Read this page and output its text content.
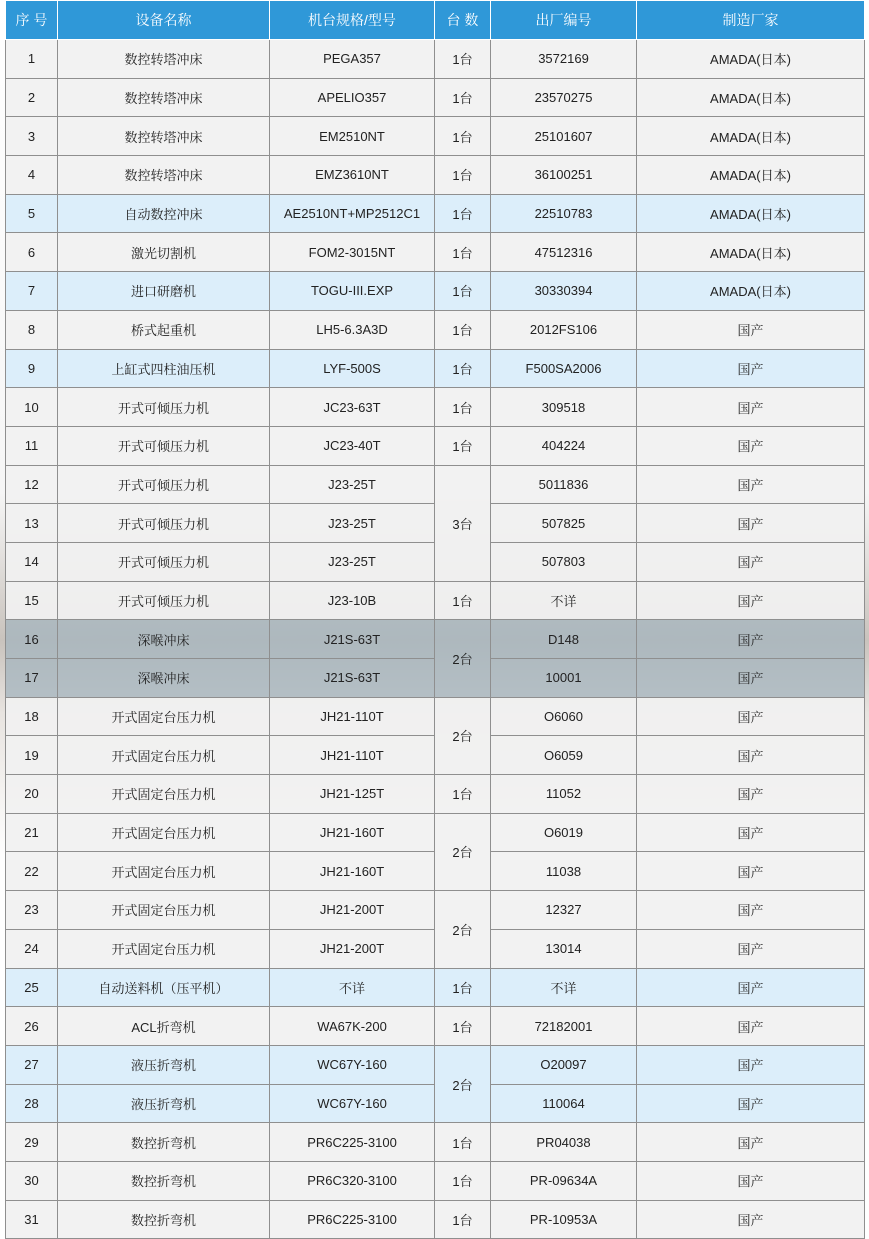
序 号	设备名称	机台规格/型号	台 数	出厂编号	制造厂家
1	数控转塔冲床	PEGA357	1台	3572169	AMADA(日本)
2	数控转塔冲床	APELIO357	1台	23570275	AMADA(日本)
3	数控转塔冲床	EM2510NT	1台	25101607	AMADA(日本)
4	数控转塔冲床	EMZ3610NT	1台	36100251	AMADA(日本)
5	自动数控冲床	AE2510NT+MP2512C1	1台	22510783	AMADA(日本)
6	激光切割机	FOM2-3015NT	1台	47512316	AMADA(日本)
7	进口研磨机	TOGU-III.EXP	1台	30330394	AMADA(日本)
8	桥式起重机	LH5-6.3A3D	1台	2012FS106	国产
9	上缸式四柱油压机	LYF-500S	1台	F500SA2006	国产
10	开式可倾压力机	JC23-63T	1台	309518	国产
11	开式可倾压力机	JC23-40T	1台	404224	国产
12	开式可倾压力机	J23-25T	3台	5011836	国产
13	开式可倾压力机	J23-25T		507825	国产
14	开式可倾压力机	J23-25T		507803	国产
15	开式可倾压力机	J23-10B	1台	不详	国产
16	深喉冲床	J21S-63T	2台	D148	国产
17	深喉冲床	J21S-63T		10001	国产
18	开式固定台压力机	JH21-110T	2台	O6060	国产
19	开式固定台压力机	JH21-110T		O6059	国产
20	开式固定台压力机	JH21-125T	1台	11052	国产
21	开式固定台压力机	JH21-160T	2台	O6019	国产
22	开式固定台压力机	JH21-160T		11038	国产
23	开式固定台压力机	JH21-200T	2台	12327	国产
24	开式固定台压力机	JH21-200T		13014	国产
25	自动送料机（压平机）	不详	1台	不详	国产
26	ACL折弯机	WA67K-200	1台	72182001	国产
27	液压折弯机	WC67Y-160	2台	O20097	国产
28	液压折弯机	WC67Y-160		110064	国产
29	数控折弯机	PR6C225-3100	1台	PR04038	国产
30	数控折弯机	PR6C320-3100	1台	PR-09634A	国产
31	数控折弯机	PR6C225-3100	1台	PR-10953A	国产
